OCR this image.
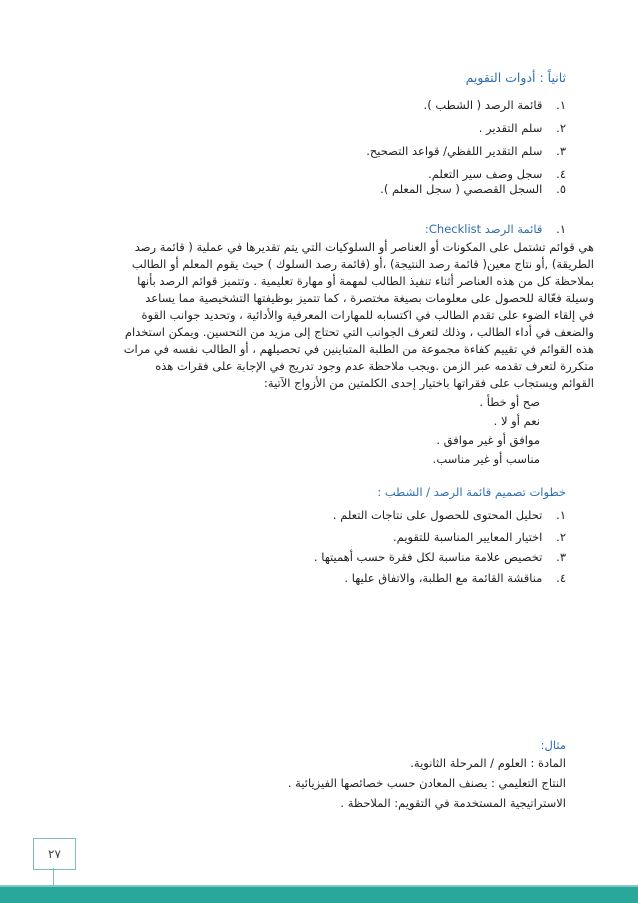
ثانياً : أدوات التقويم
١. قائمة الرصد ( الشطب ).
٢. سلم التقدير .
٣. سلم التقدير اللفظي/ قواعد التصحيح.
٤. سجل وصف سير التعلم.
٥. السجل القصصي ( سجل المعلم ).
١. قائمة الرصد Checklist:
هي قوائم تشتمل على المكونات أو العناصر أو السلوكيات التي يتم تقديرها في عملية ( قائمة رصد
الطريقة) ,أو نتاج معين( قائمة رصد النتيجة) ،أو (قائمة رصد السلوك ) حيث يقوم المعلم أو الطالب
بملاحظة كل من هذه العناصر أثناء تنفيذ الطالب لمهمة أو مهارة تعليمية . وتتميز قوائم الرصد بأنها
وسيلة فعّالة للحصول على معلومات بصيغة مختصرة ، كما تتميز بوظيفتها التشخيصية مما يساعد
في إلقاء الضوء على تقدم الطالب في اكتسابه للمهارات المعرفية والأدائية ، وتحديد جوانب القوة
والضعف في أداء الطالب ، وذلك لتعرف الجوانب التي تحتاج إلى مزيد من التحسين. ويمكن استخدام
هذه القوائم في تقييم كفاءة مجموعة من الطلبة المتباينين في تحصيلهم ، أو الطالب نفسه في مرات
متكررة لتعرف تقدمه عبر الزمن .ويجب ملاحظة عدم وجود تدريج في الإجابة على فقرات هذه
القوائم ويستجاب على فقراتها باختيار إحدى الكلمتين من الأزواج الآتية:
صح أو خطأ .
نعم أو لا .
موافق أو غير موافق .
مناسب أو غير مناسب.
خطوات تصميم قائمة الرصد / الشطب :
١. تحليل المحتوى للحصول على نتاجات التعلم .
٢. اختيار المعايير المناسبة للتقويم.
٣. تخصيص علامة مناسبة لكل فقرة حسب أهميتها .
٤. مناقشة القائمة مع الطلبة، والاتفاق عليها .
مثال:
المادة : العلوم / المرحلة الثانوية.
النتاج التعليمي : يصنف المعادن حسب خصائصها الفيزيائية .
الاستراتيجية المستخدمة في التقويم: الملاحظة .
٢٧
